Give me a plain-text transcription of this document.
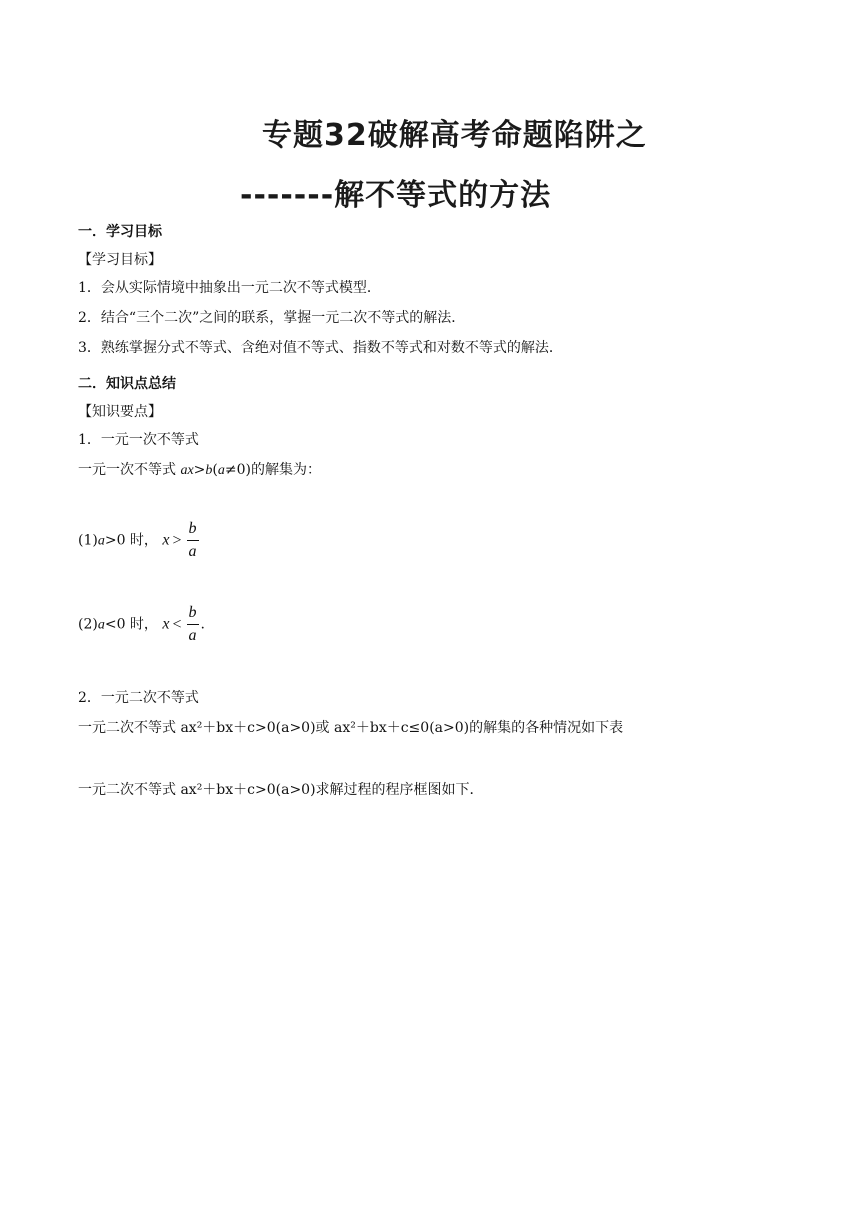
专题32破解高考命题陷阱之
-------解不等式的方法
一．学习目标
【学习目标】
1．会从实际情境中抽象出一元二次不等式模型．
2．结合“三个二次”之间的联系，掌握一元二次不等式的解法．
3．熟练掌握分式不等式、含绝对值不等式、指数不等式和对数不等式的解法．
二．知识点总结
【知识要点】
1．一元一次不等式
一元一次不等式 ax>b(a≠0)的解集为：
(1)a>0 时， $x > \frac{b}{a}$
(2)a<0 时， $x < \frac{b}{a}$ .
2．一元二次不等式
一元二次不等式 ax²＋bx＋c>0(a>0)或 ax²＋bx＋c≤0(a>0)的解集的各种情况如下表
一元二次不等式 ax²＋bx＋c>0(a>0)求解过程的程序框图如下．
